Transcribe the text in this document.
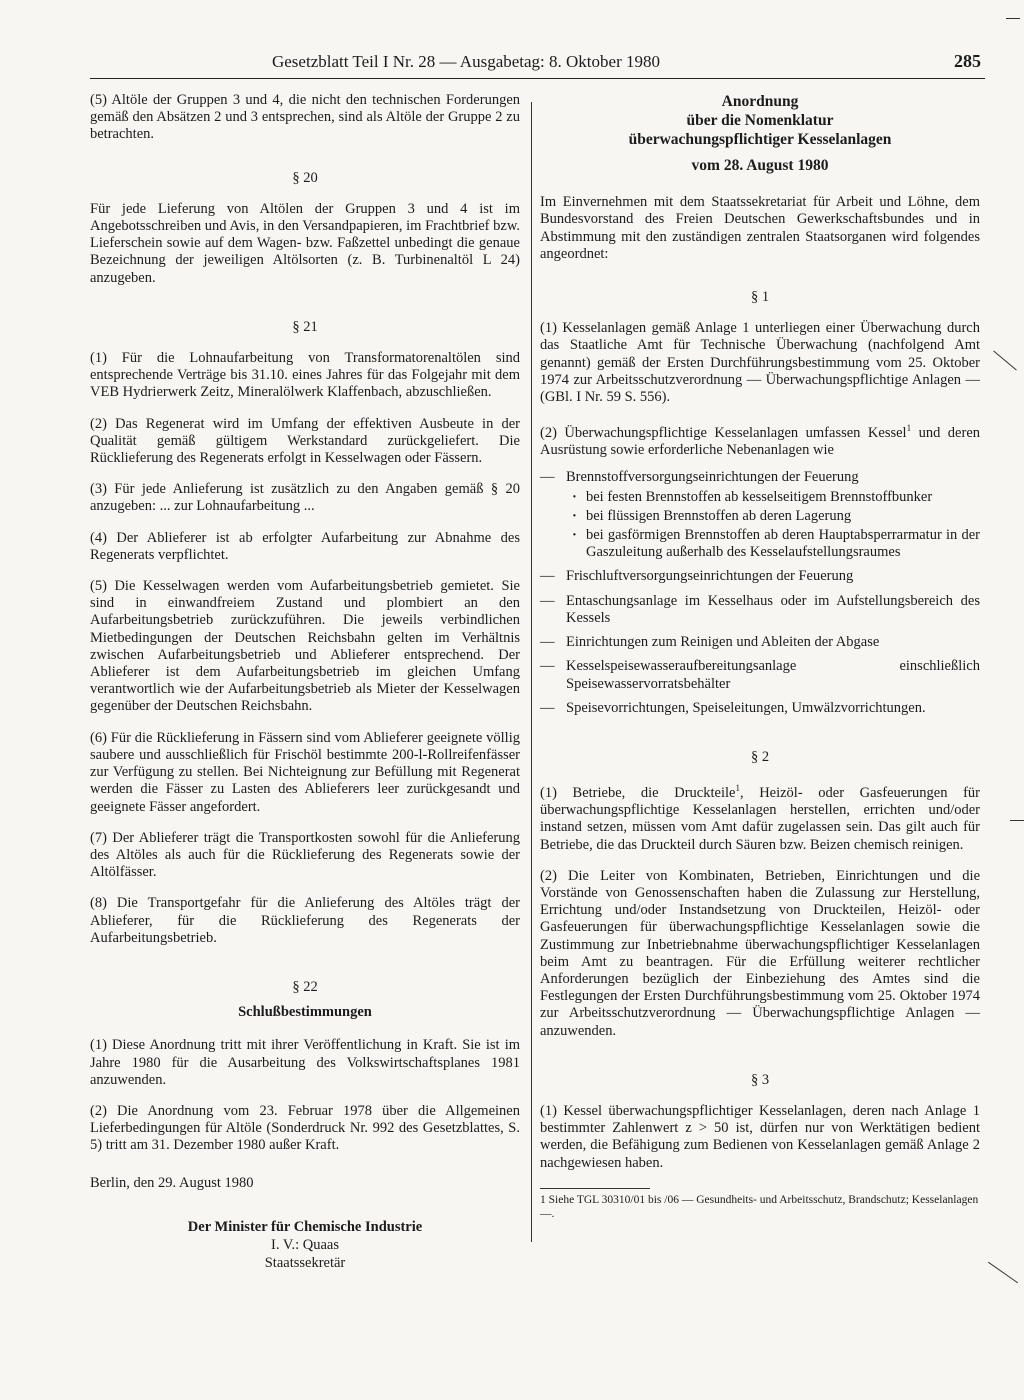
Gesetzblatt Teil I Nr. 28 — Ausgabetag: 8. Oktober 1980	285

(5) Altöle der Gruppen 3 und 4, die nicht den technischen Forderungen gemäß den Absätzen 2 und 3 entsprechen, sind als Altöle der Gruppe 2 zu betrachten.

§ 20

Für jede Lieferung von Altölen der Gruppen 3 und 4 ist im Angebotsschreiben und Avis, in den Versandpapieren, im Frachtbrief bzw. Lieferschein sowie auf dem Wagen- bzw. Faßzettel unbedingt die genaue Bezeichnung der jeweiligen Altölsorten (z. B. Turbinenaltöl L 24) anzugeben.

§ 21

(1) Für die Lohnaufarbeitung von Transformatorenaltölen sind entsprechende Verträge bis 31.10. eines Jahres für das Folgejahr mit dem VEB Hydrierwerk Zeitz, Mineralölwerk Klaffenbach, abzuschließen.

(2) Das Regenerat wird im Umfang der effektiven Ausbeute in der Qualität gemäß gültigem Werkstandard zurückgeliefert. Die Rücklieferung des Regenerats erfolgt in Kesselwagen oder Fässern.

(3) Für jede Anlieferung ist zusätzlich zu den Angaben gemäß § 20 anzugeben: ... zur Lohnaufarbeitung ...

(4) Der Ablieferer ist ab erfolgter Aufarbeitung zur Abnahme des Regenerats verpflichtet.

(5) Die Kesselwagen werden vom Aufarbeitungsbetrieb gemietet. Sie sind in einwandfreiem Zustand und plombiert an den Aufarbeitungsbetrieb zurückzuführen. Die jeweils verbindlichen Mietbedingungen der Deutschen Reichsbahn gelten im Verhältnis zwischen Aufarbeitungsbetrieb und Ablieferer entsprechend. Der Ablieferer ist dem Aufarbeitungsbetrieb im gleichen Umfang verantwortlich wie der Aufarbeitungsbetrieb als Mieter der Kesselwagen gegenüber der Deutschen Reichsbahn.

(6) Für die Rücklieferung in Fässern sind vom Ablieferer geeignete völlig saubere und ausschließlich für Frischöl bestimmte 200-l-Rollreifenfässer zur Verfügung zu stellen. Bei Nichteignung zur Befüllung mit Regenerat werden die Fässer zu Lasten des Ablieferers leer zurückgesandt und geeignete Fässer angefordert.

(7) Der Ablieferer trägt die Transportkosten sowohl für die Anlieferung des Altöles als auch für die Rücklieferung des Regenerats sowie der Altölfässer.

(8) Die Transportgefahr für die Anlieferung des Altöles trägt der Ablieferer, für die Rücklieferung des Regenerats der Aufarbeitungsbetrieb.

§ 22
Schlußbestimmungen

(1) Diese Anordnung tritt mit ihrer Veröffentlichung in Kraft. Sie ist im Jahre 1980 für die Ausarbeitung des Volkswirtschaftsplanes 1981 anzuwenden.

(2) Die Anordnung vom 23. Februar 1978 über die Allgemeinen Lieferbedingungen für Altöle (Sonderdruck Nr. 992 des Gesetzblattes, S. 5) tritt am 31. Dezember 1980 außer Kraft.

Berlin, den 29. August 1980
Der Minister für Chemische Industrie
I. V.: Quaas
Staatssekretär
Anordnung
über die Nomenklatur
überwachungspflichtiger Kesselanlagen
vom 28. August 1980

Im Einvernehmen mit dem Staatssekretariat für Arbeit und Löhne, dem Bundesvorstand des Freien Deutschen Gewerkschaftsbundes und in Abstimmung mit den zuständigen zentralen Staatsorganen wird folgendes angeordnet:

§ 1

(1) Kesselanlagen gemäß Anlage 1 unterliegen einer Überwachung durch das Staatliche Amt für Technische Überwachung (nachfolgend Amt genannt) gemäß der Ersten Durchführungsbestimmung vom 25. Oktober 1974 zur Arbeitsschutzverordnung — Überwachungspflichtige Anlagen — (GBl. I Nr. 59 S. 556).

(2) Überwachungspflichtige Kesselanlagen umfassen Kessel$^1$ und deren Ausrüstung sowie erforderliche Nebenanlagen wie

— Brennstoffversorgungseinrichtungen der Feuerung
· bei festen Brennstoffen ab kesselseitigem Brennstoffbunker
· bei flüssigen Brennstoffen ab deren Lagerung
· bei gasförmigen Brennstoffen ab deren Hauptabsperrarmatur in der Gaszuleitung außerhalb des Kesselaufstellungsraumes
— Frischluftversorgungseinrichtungen der Feuerung
— Entaschungsanlage im Kesselhaus oder im Aufstellungsbereich des Kessels
— Einrichtungen zum Reinigen und Ableiten der Abgase
— Kesselspeisewasseraufbereitungsanlage einschließlich Speisewasservorratsbehälter
— Speisevorrichtungen, Speiseleitungen, Umwälzvorrichtungen.
§ 2

(1) Betriebe, die Druckteile$^1$, Heizöl- oder Gasfeuerungen für überwachungspflichtige Kesselanlagen herstellen, errichten und/oder instand setzen, müssen vom Amt dafür zugelassen sein. Das gilt auch für Betriebe, die das Druckteil durch Säuren bzw. Beizen chemisch reinigen.

(2) Die Leiter von Kombinaten, Betrieben, Einrichtungen und die Vorstände von Genossenschaften haben die Zulassung zur Herstellung, Errichtung und/oder Instandsetzung von Druckteilen, Heizöl- oder Gasfeuerungen für überwachungspflichtige Kesselanlagen sowie die Zustimmung zur Inbetriebnahme überwachungspflichtiger Kesselanlagen beim Amt zu beantragen. Für die Erfüllung weiterer rechtlicher Anforderungen bezüglich der Einbeziehung des Amtes sind die Festlegungen der Ersten Durchführungsbestimmung vom 25. Oktober 1974 zur Arbeitsschutzverordnung — Überwachungspflichtige Anlagen — anzuwenden.

§ 3

(1) Kessel überwachungspflichtiger Kesselanlagen, deren nach Anlage 1 bestimmter Zahlenwert z > 50 ist, dürfen nur von Werktätigen bedient werden, die Befähigung zum Bedienen von Kesselanlagen gemäß Anlage 2 nachgewiesen haben.

1 Siehe TGL 30310/01 bis /06 — Gesundheits- und Arbeitsschutz, Brandschutz; Kesselanlagen —.
